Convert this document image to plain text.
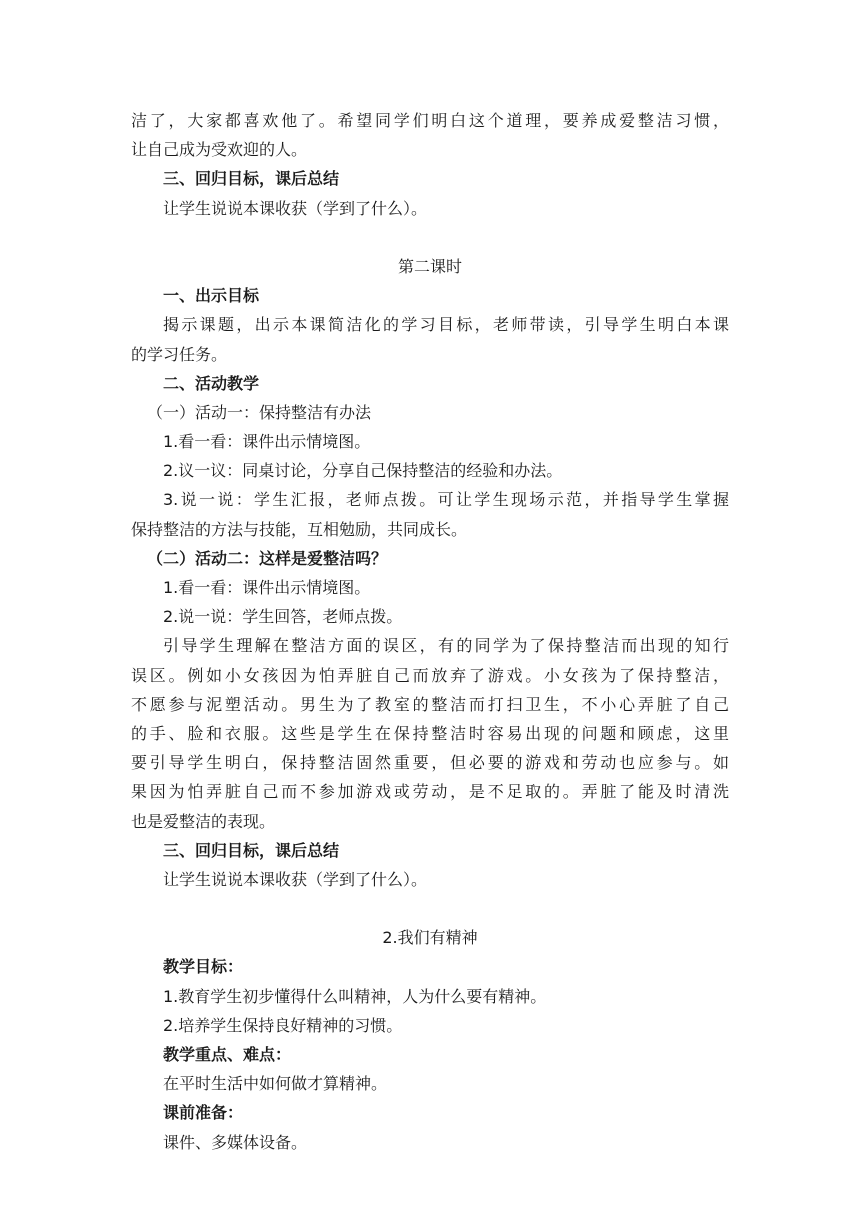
洁了，大家都喜欢他了。希望同学们明白这个道理，要养成爱整洁习惯，
让自己成为受欢迎的人。
三、回归目标，课后总结
让学生说说本课收获（学到了什么）。
第二课时
一、出示目标
揭示课题，出示本课简洁化的学习目标，老师带读，引导学生明白本课
的学习任务。
二、活动教学
（一）活动一：保持整洁有办法
1.看一看：课件出示情境图。
2.议一议：同桌讨论，分享自己保持整洁的经验和办法。
3.说一说：学生汇报，老师点拨。可让学生现场示范，并指导学生掌握
保持整洁的方法与技能，互相勉励，共同成长。
（二）活动二：这样是爱整洁吗？
1.看一看：课件出示情境图。
2.说一说：学生回答，老师点拨。
引导学生理解在整洁方面的误区，有的同学为了保持整洁而出现的知行
误区。例如小女孩因为怕弄脏自己而放弃了游戏。小女孩为了保持整洁，
不愿参与泥塑活动。男生为了教室的整洁而打扫卫生，不小心弄脏了自己
的手、脸和衣服。这些是学生在保持整洁时容易出现的问题和顾虑，这里
要引导学生明白，保持整洁固然重要，但必要的游戏和劳动也应参与。如
果因为怕弄脏自己而不参加游戏或劳动，是不足取的。弄脏了能及时清洗
也是爱整洁的表现。
三、回归目标，课后总结
让学生说说本课收获（学到了什么）。
2.我们有精神
教学目标：
1.教育学生初步懂得什么叫精神，人为什么要有精神。
2.培养学生保持良好精神的习惯。
教学重点、难点：
在平时生活中如何做才算精神。
课前准备：
课件、多媒体设备。
